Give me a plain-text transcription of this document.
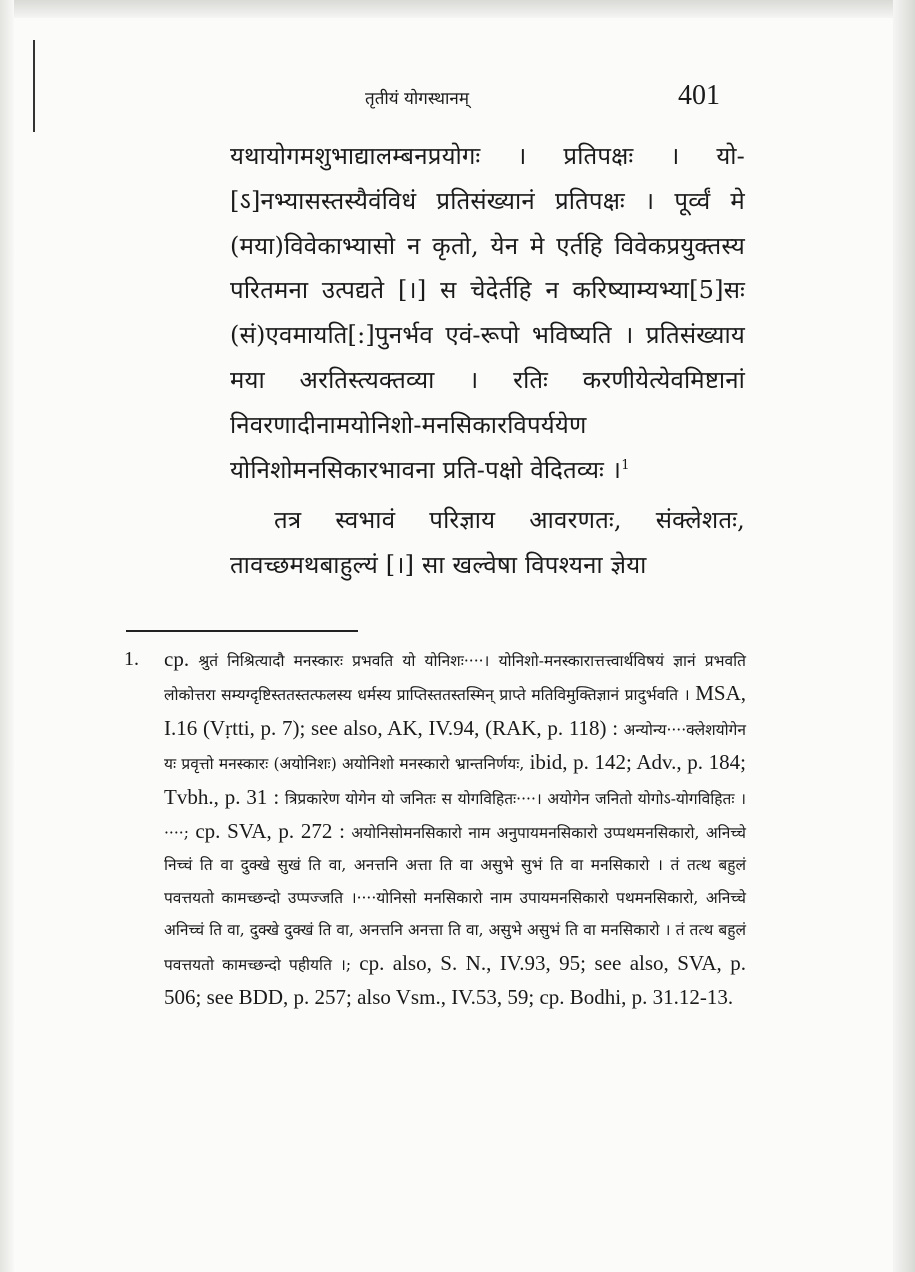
तृतीयं योगस्थानम्	401

यथायोगमशुभाद्यालम्बनप्रयोगः । प्रतिपक्षः । यो-[ऽ]नभ्यासस्तस्यैवंविधं प्रतिसंख्यानं प्रतिपक्षः । पूर्व्वं मे (मया)विवेकाभ्यासो न कृतो, येन मे एर्तहि विवेकप्रयुक्तस्य परितमना उत्पद्यते [।] स चेदेर्तहि न करिष्याम्यभ्या[5]सः (सं)एवमायति[:]पुनर्भव एवं-रूपो भविष्यति । प्रतिसंख्याय मया अरतिस्त्यक्तव्या । रतिः करणीयेत्येवमिष्टानां निवरणादीनामयोनिशो-मनसिकारविपर्ययेण योनिशोमनसिकारभावना प्रति-पक्षो वेदितव्यः ।$^1$

तत्र स्वभावं परिज्ञाय आवरणतः, संक्लेशतः, तावच्छमथबाहुल्यं [।] सा खल्वेषा विपश्यना ज्ञेया

1. cp. श्रुतं निश्रित्यादौ मनस्कारः प्रभवति यो योनिशः····। योनिशो-मनस्कारात्तत्त्वार्थविषयं ज्ञानं प्रभवति लोकोत्तरा सम्यग्दृष्टिस्ततस्तत्फलस्य धर्मस्य प्राप्तिस्ततस्तस्मिन् प्राप्ते मतिविमुक्तिज्ञानं प्रादुर्भवति । MSA, I.16 (Vṛtti, p. 7); see also, AK, IV.94, (RAK, p. 118) : अन्योन्य····क्लेशयोगेन यः प्रवृत्तो मनस्कारः (अयोनिशः) अयोनिशो मनस्कारो भ्रान्तनिर्णयः, ibid, p. 142; Adv., p. 184; Tvbh., p. 31 : त्रिप्रकारेण योगेन यो जनितः स योगविहितः····। अयोगेन जनितो योगोऽ-योगविहितः ।····; cp. SVA, p. 272 : अयोनिसोमनसिकारो नाम अनुपायमनसिकारो उप्पथमनसिकारो, अनिच्चे निच्चं ति वा दुक्खे सुखं ति वा, अनत्तनि अत्ता ति वा असुभे सुभं ति वा मनसिकारो । तं तत्थ बहुलं पवत्तयतो कामच्छन्दो उप्पज्जति ।····योनिसो मनसिकारो नाम उपायमनसिकारो पथमनसिकारो, अनिच्चे अनिच्चं ति वा, दुक्खे दुक्खं ति वा, अनत्तनि अनत्ता ति वा, असुभे असुभं ति वा मनसिकारो । तं तत्थ बहुलं पवत्तयतो कामच्छन्दो पहीयति ।; cp. also, S. N., IV.93, 95; see also, SVA, p. 506; see BDD, p. 257; also Vsm., IV.53, 59; cp. Bodhi, p. 31.12-13.
